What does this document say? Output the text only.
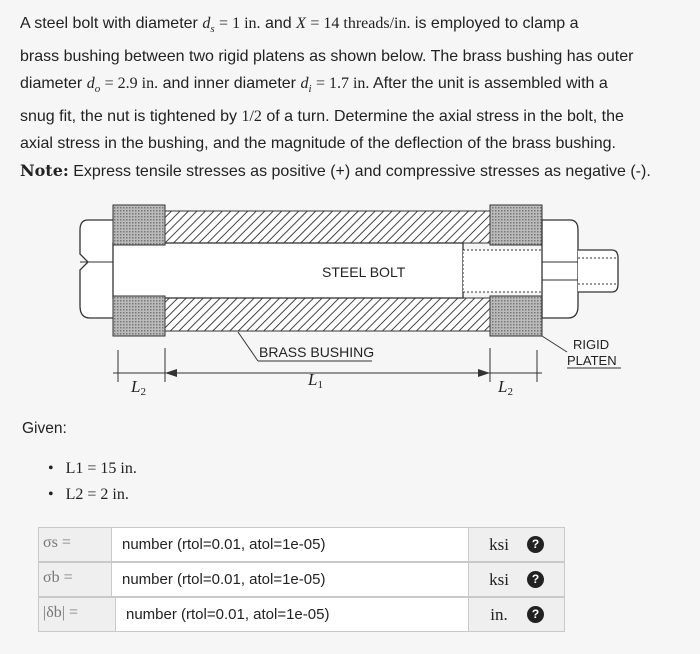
A steel bolt with diameter $d_s = 1$ in. and X = 14 threads/in. is employed to clamp a

brass bushing between two rigid platens as shown below. The brass bushing has outer

diameter $d_o = 2.9$ in. and inner diameter $d_i = 1.7$ in. After the unit is assembled with a

snug fit, the nut is tightened by 1/2 of a turn. Determine the axial stress in the bolt, the

axial stress in the bushing, and the magnitude of the deflection of the brass bushing.

Note: Express tensile stresses as positive (+) and compressive stresses as negative (-).
STEEL BOLT
BRASS BUSHING	RIGID
PLATEN
L1
L2	L2
Given:
• L1 = 15 in.
• L2 = 2 in.
σs =	number (rtol=0.01, atol=1e-05)	ksi	?
σb =	number (rtol=0.01, atol=1e-05)	ksi	?
|δb| =	number (rtol=0.01, atol=1e-05)	in.	?
